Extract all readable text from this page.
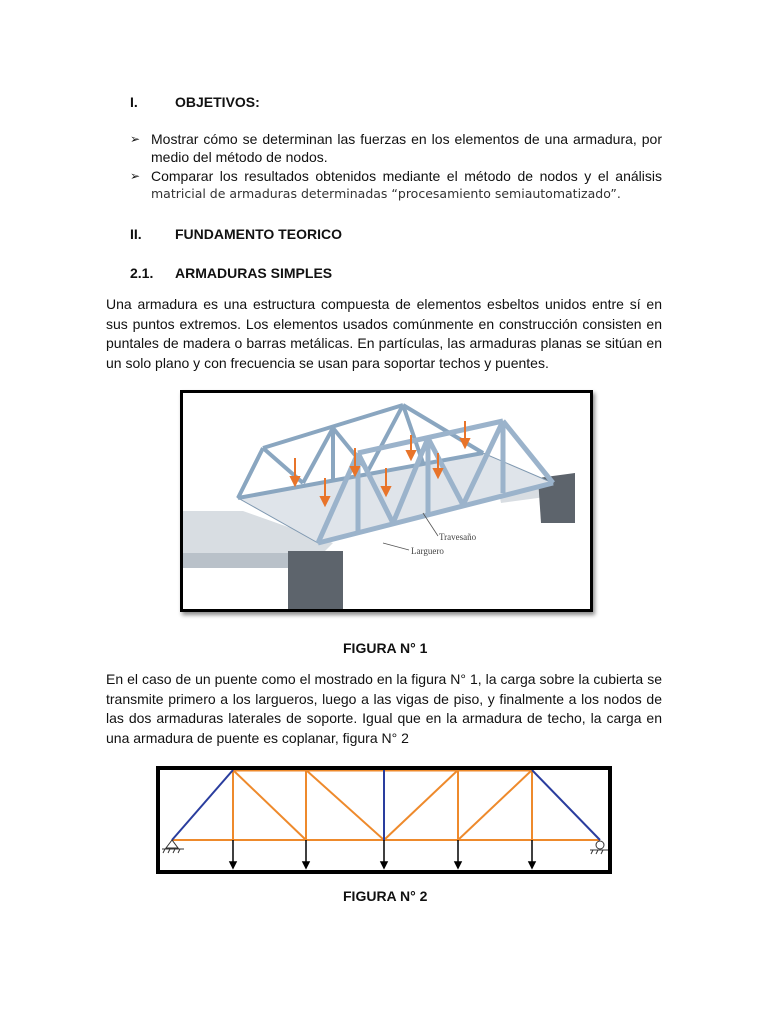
I.	OBJETIVOS:
➢ Mostrar cómo se determinan las fuerzas en los elementos de una armadura, por
medio del método de nodos.
➢ Comparar los resultados obtenidos mediante el método de nodos y el análisis
matricial de armaduras determinadas “procesamiento semiautomatizado”.
II. FUNDAMENTO TEORICO
2.1. ARMADURAS SIMPLES
Una armadura es una estructura compuesta de elementos esbeltos unidos entre sí en sus puntos extremos. Los elementos usados comúnmente en construcción consisten en puntales de madera o barras metálicas. En partículas, las armaduras planas se sitúan en un solo plano y con frecuencia se usan para soportar techos y puentes.
Travesaño
Larguero
FIGURA N° 1
En el caso de un puente como el mostrado en la figura N° 1, la carga sobre la cubierta se transmite primero a los largueros, luego a las vigas de piso, y finalmente a los nodos de las dos armaduras laterales de soporte. Igual que en la armadura de techo, la carga en una armadura de puente es coplanar, figura N° 2
FIGURA N° 2
